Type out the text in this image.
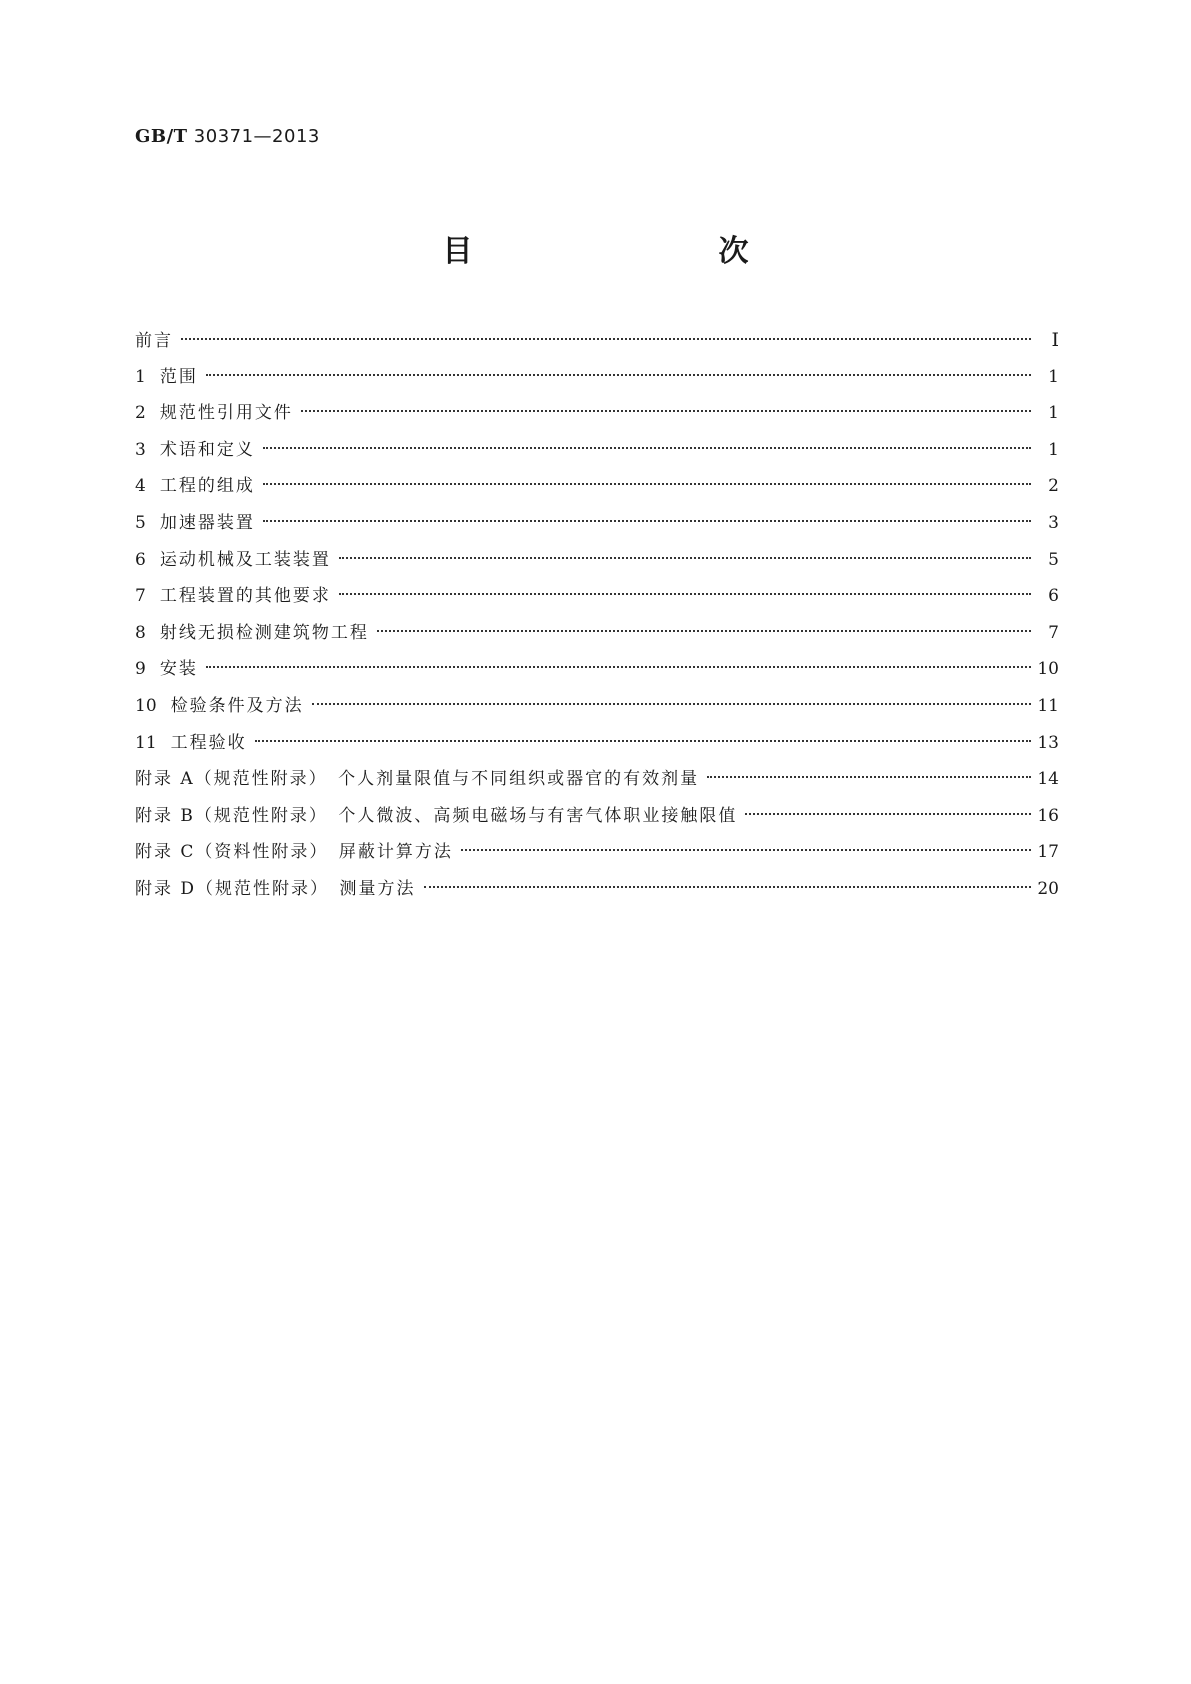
GB/T 30371—2013
目　　次
前言	Ⅰ
1 范围	1
2 规范性引用文件	1
3 术语和定义	1
4 工程的组成	2
5 加速器装置	3
6 运动机械及工装装置	5
7 工程装置的其他要求	6
8 射线无损检测建筑物工程	7
9 安装	10
10 检验条件及方法	11
11 工程验收	13
附录 A（规范性附录）　个人剂量限值与不同组织或器官的有效剂量	14
附录 B（规范性附录）　个人微波、高频电磁场与有害气体职业接触限值	16
附录 C（资料性附录）　屏蔽计算方法	17
附录 D（规范性附录）　测量方法	20
